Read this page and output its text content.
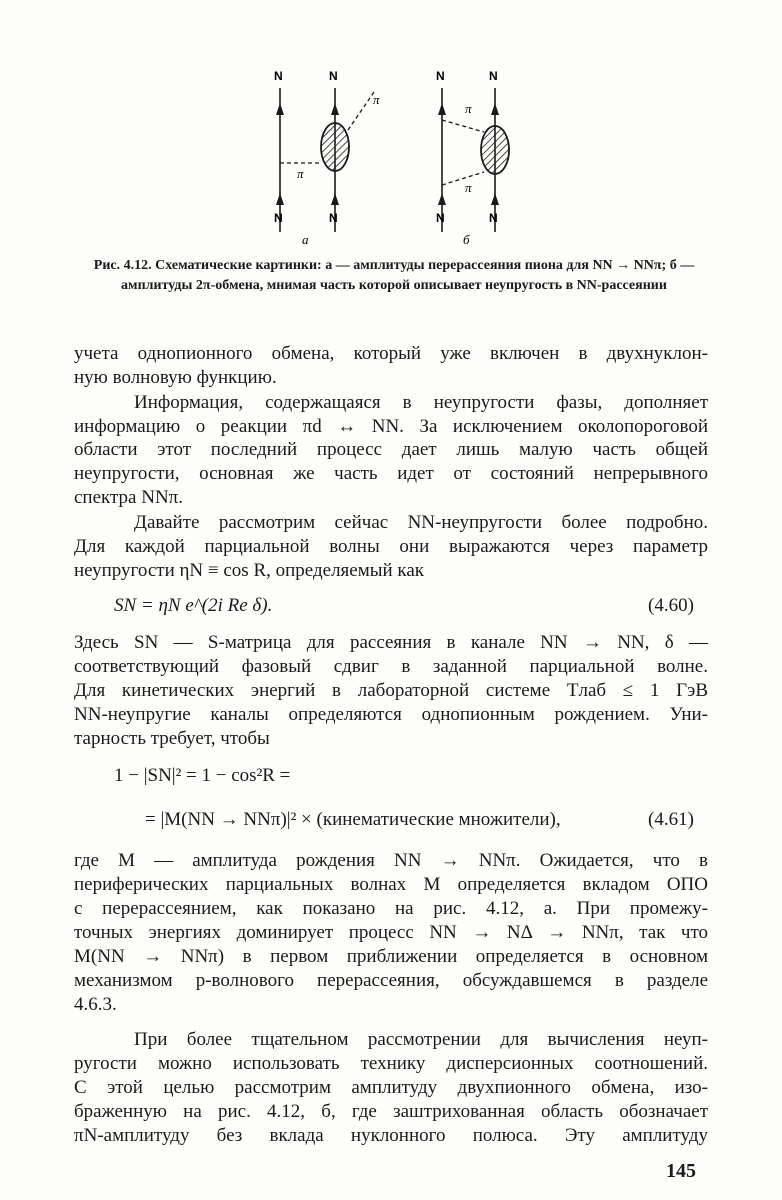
N	N	N	N
N	N	N	N
π
π
π
π
a	б
Рис. 4.12. Схематические картинки: а — амплитуды перерассеяния пиона для NN → NNπ; б — амплитуды 2π-обмена, мнимая часть которой описывает неупругость в NN-рассеянии
учета однопионного обмена, который уже включен в двухнуклон-
ную волновую функцию.
Информация, содержащаяся в неупругости фазы, дополняет
информацию о реакции πd ↔ NN. За исключением околопороговой
области этот последний процесс дает лишь малую часть общей
неупругости, основная же часть идет от состояний непрерывного
спектра NNπ.
Давайте рассмотрим сейчас NN-неупругости более подробно.
Для каждой парциальной волны они выражаются через параметр
неупругости ηN ≡ cos R, определяемый как
SN = ηN e^(2i Re δ).	(4.60)
Здесь SN — S-матрица для рассеяния в канале NN → NN, δ —
соответствующий фазовый сдвиг в заданной парциальной волне.
Для кинетических энергий в лабораторной системе Tлаб ≤ 1 ГэВ
NN-неупругие каналы определяются однопионным рождением. Уни-
тарность требует, чтобы
1 − |SN|² = 1 − cos²R =
= |M(NN → NNπ)|² × (кинематические множители),	(4.61)
где M — амплитуда рождения NN → NNπ. Ожидается, что в
периферических парциальных волнах M определяется вкладом ОПО
с перерассеянием, как показано на рис. 4.12, а. При промежу-
точных энергиях доминирует процесс NN → NΔ → NNπ, так что
M(NN → NNπ) в первом приближении определяется в основном
механизмом p-волнового перерассеяния, обсуждавшемся в разделе
4.6.3.
При более тщательном рассмотрении для вычисления неуп-
ругости можно использовать технику дисперсионных соотношений.
С этой целью рассмотрим амплитуду двухпионного обмена, изо-
браженную на рис. 4.12, б, где заштрихованная область обозначает
πN-амплитуду без вклада нуклонного полюса. Эту амплитуду
145
